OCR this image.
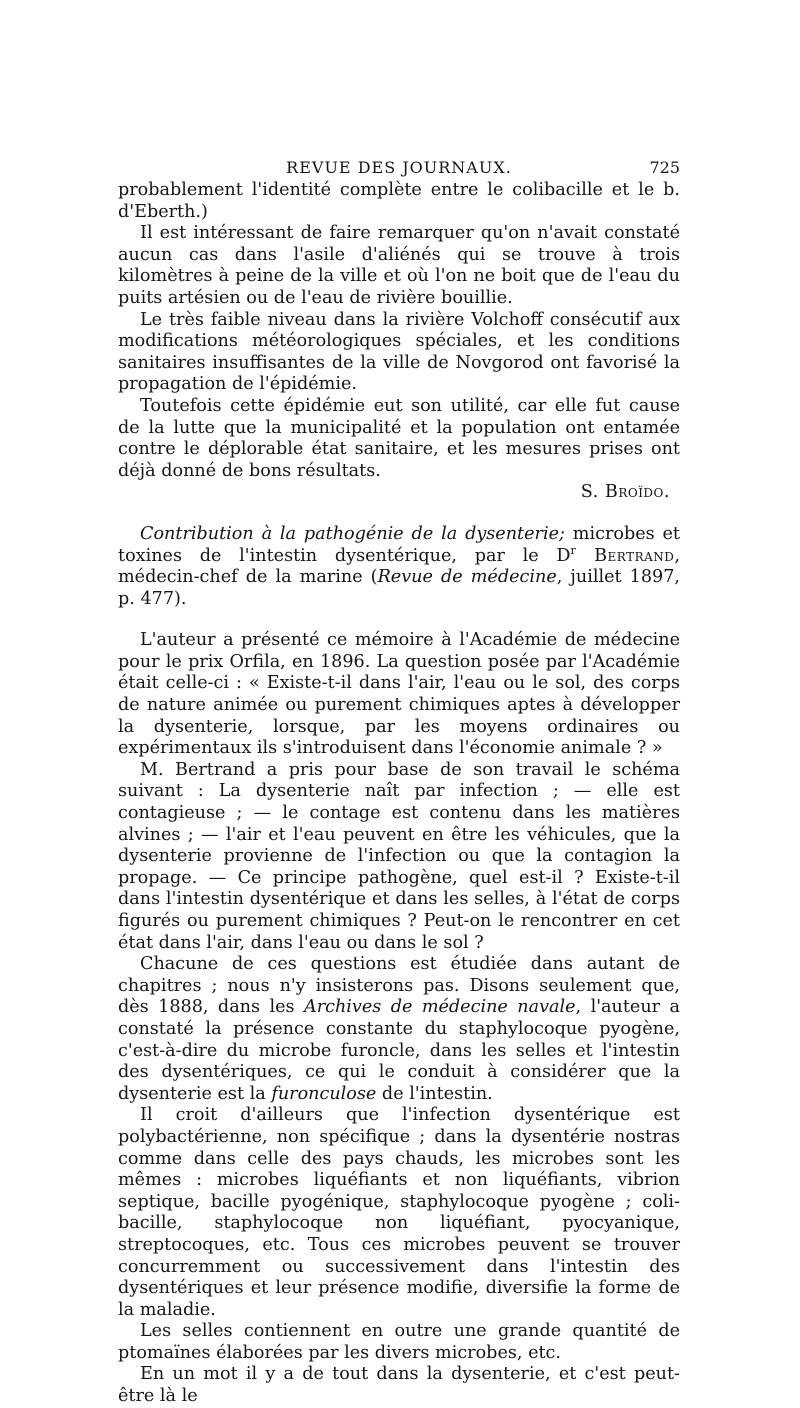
REVUE DES JOURNAUX.	725

probablement l'identité complète entre le colibacille et le b. d'Eberth.)

Il est intéressant de faire remarquer qu'on n'avait constaté aucun cas dans l'asile d'aliénés qui se trouve à trois kilomètres à peine de la ville et où l'on ne boit que de l'eau du puits artésien ou de l'eau de rivière bouillie.

Le très faible niveau dans la rivière Volchoff consécutif aux modifications météorologiques spéciales, et les conditions sanitaires insuffisantes de la ville de Novgorod ont favorisé la propagation de l'épidémie.

Toutefois cette épidémie eut son utilité, car elle fut cause de la lutte que la municipalité et la population ont entamée contre le déplorable état sanitaire, et les mesures prises ont déjà donné de bons résultats.

S. Broïdo.

Contribution à la pathogénie de la dysenterie; microbes et toxines de l'intestin dysentérique, par le $D^r$ Bertrand, médecin-chef de la marine (Revue de médecine, juillet 1897, p. 477).

L'auteur a présenté ce mémoire à l'Académie de médecine pour le prix Orfila, en 1896. La question posée par l'Académie était celle-ci : « Existe-t-il dans l'air, l'eau ou le sol, des corps de nature animée ou purement chimiques aptes à développer la dysenterie, lorsque, par les moyens ordinaires ou expérimentaux ils s'introduisent dans l'économie animale ? »

M. Bertrand a pris pour base de son travail le schéma suivant : La dysenterie naît par infection ; — elle est contagieuse ; — le contage est contenu dans les matières alvines ; — l'air et l'eau peuvent en être les véhicules, que la dysenterie provienne de l'infection ou que la contagion la propage. — Ce principe pathogène, quel est-il ? Existe-t-il dans l'intestin dysentérique et dans les selles, à l'état de corps figurés ou purement chimiques ? Peut-on le rencontrer en cet état dans l'air, dans l'eau ou dans le sol ?

Chacune de ces questions est étudiée dans autant de chapitres ; nous n'y insisterons pas. Disons seulement que, dès 1888, dans les Archives de médecine navale, l'auteur a constaté la présence constante du staphylocoque pyogène, c'est-à-dire du microbe furoncle, dans les selles et l'intestin des dysentériques, ce qui le conduit à considérer que la dysenterie est la furonculose de l'intestin.

Il croit d'ailleurs que l'infection dysentérique est polybactérienne, non spécifique ; dans la dysentérie nostras comme dans celle des pays chauds, les microbes sont les mêmes : microbes liquéfiants et non liquéfiants, vibrion septique, bacille pyogénique, staphylocoque pyogène ; coli-bacille, staphylocoque non liquéfiant, pyocyanique, streptocoques, etc. Tous ces microbes peuvent se trouver concurremment ou successivement dans l'intestin des dysentériques et leur présence modifie, diversifie la forme de la maladie.

Les selles contiennent en outre une grande quantité de ptomaïnes élaborées par les divers microbes, etc.

En un mot il y a de tout dans la dysenterie, et c'est peut-être là le
